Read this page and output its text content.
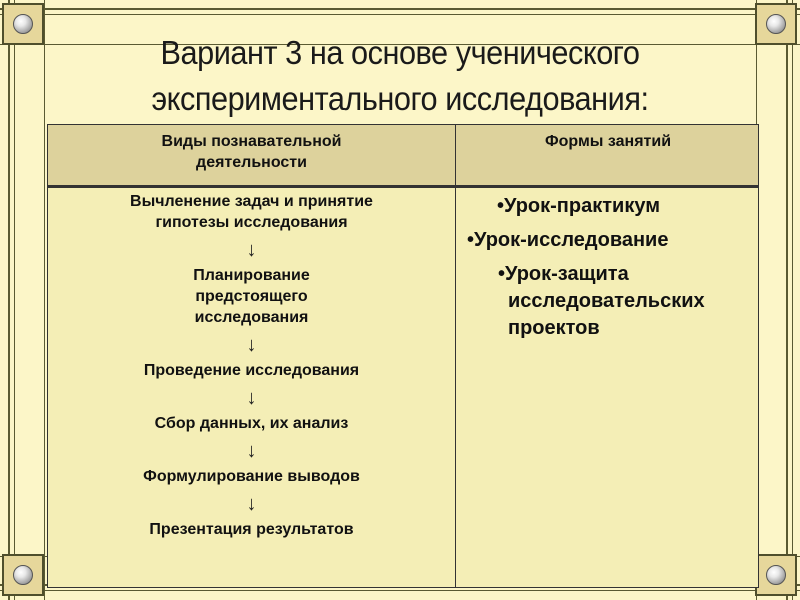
Вариант 3 на основе ученического
экспериментального исследования:
Виды познавательной деятельности
Формы занятий
Вычленение задач и принятие гипотезы исследования
↓
Планирование предстоящего исследования
↓
Проведение исследования
↓
Сбор данных, их анализ
↓
Формулирование выводов
↓
Презентация результатов
•Урок-практикум
•Урок-исследование
•Урок-защита исследовательских проектов
